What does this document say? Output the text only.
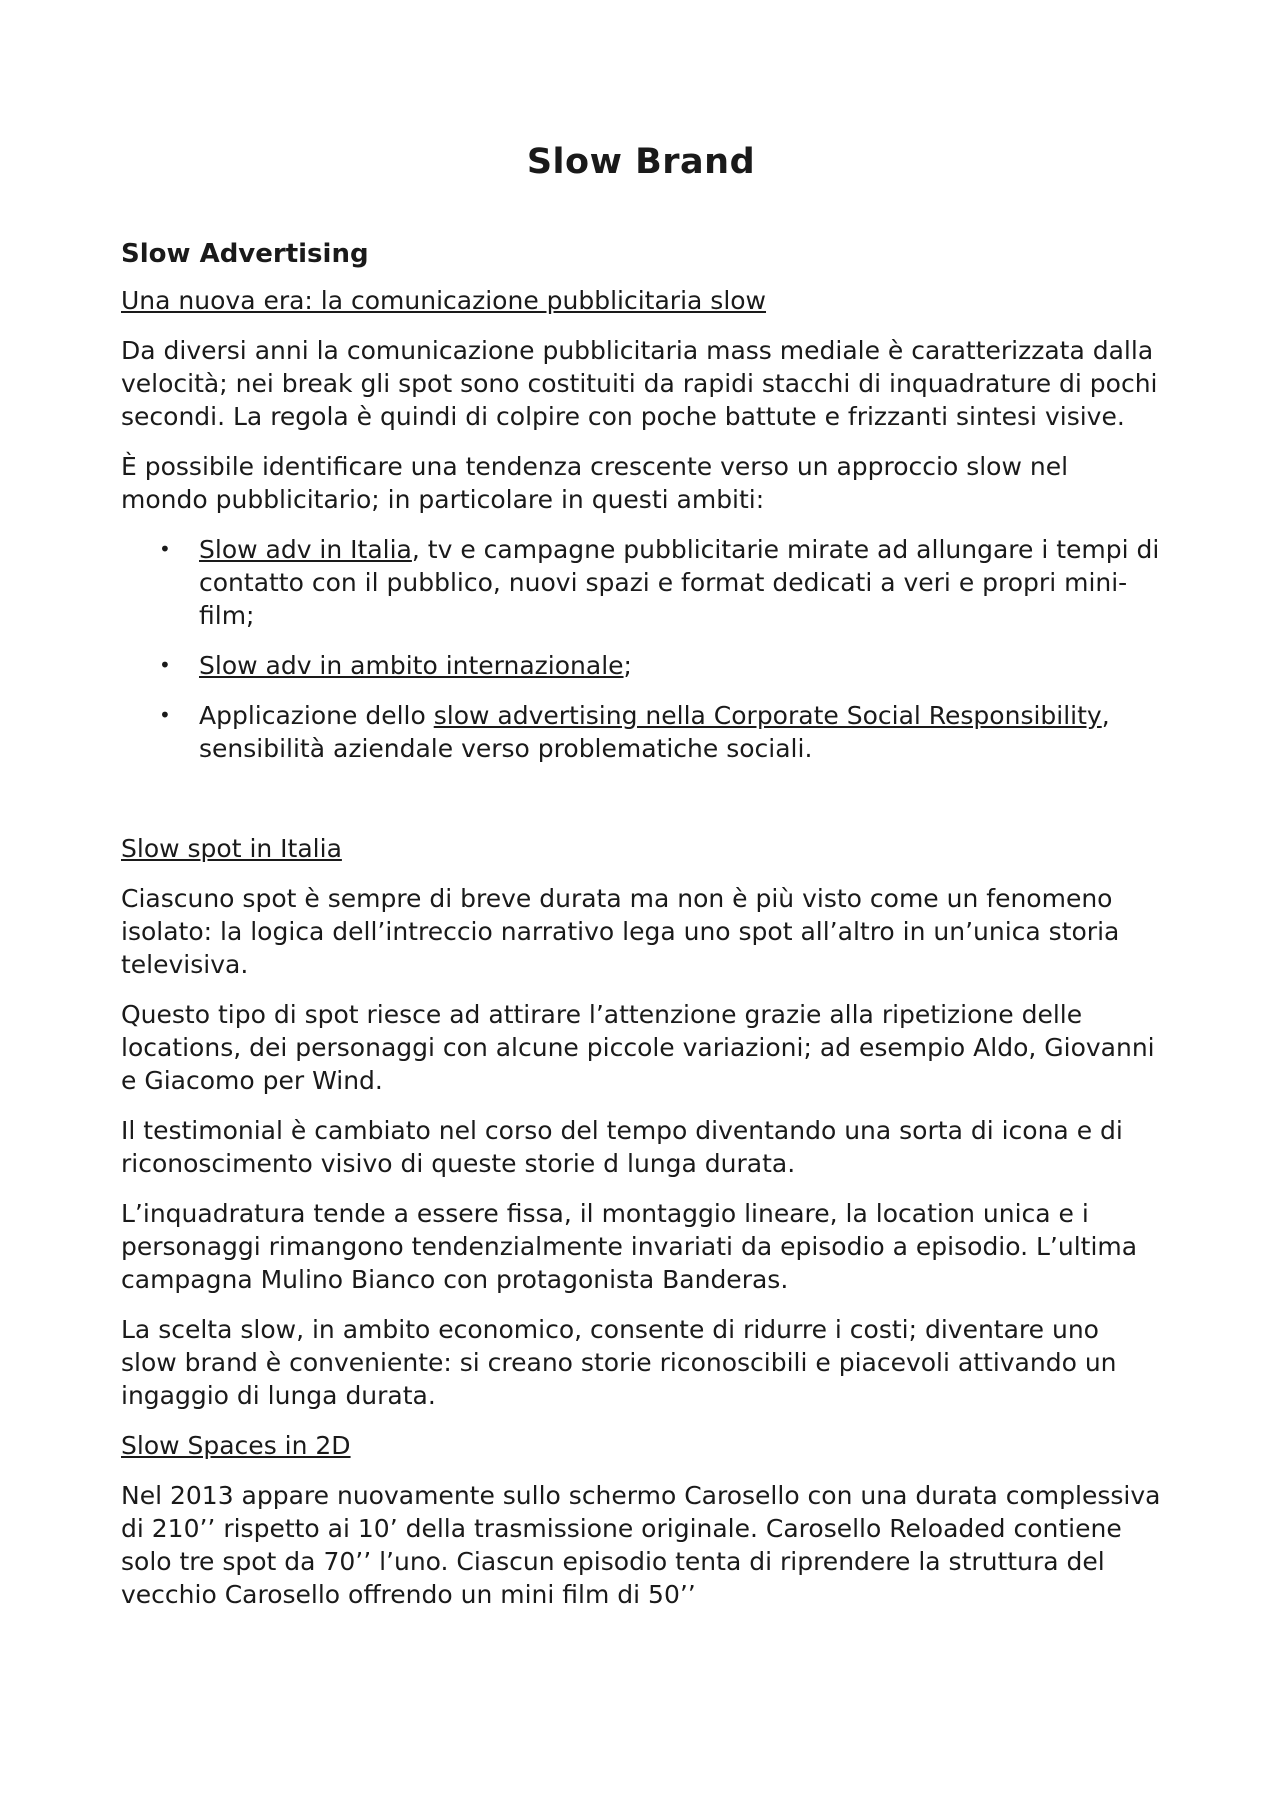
Slow Brand
Slow Advertising
Una nuova era: la comunicazione pubblicitaria slow

Da diversi anni la comunicazione pubblicitaria mass mediale è caratterizzata dalla velocità; nei break gli spot sono costituiti da rapidi stacchi di inquadrature di pochi secondi. La regola è quindi di colpire con poche battute e frizzanti sintesi visive.

È possibile identificare una tendenza crescente verso un approccio slow nel mondo pubblicitario; in particolare in questi ambiti:

• Slow adv in Italia, tv e campagne pubblicitarie mirate ad allungare i tempi di contatto con il pubblico, nuovi spazi e format dedicati a veri e propri mini-film;
• Slow adv in ambito internazionale;
• Applicazione dello slow advertising nella Corporate Social Responsibility, sensibilità aziendale verso problematiche sociali.
Slow spot in Italia

Ciascuno spot è sempre di breve durata ma non è più visto come un fenomeno isolato: la logica dell’intreccio narrativo lega uno spot all’altro in un’unica storia televisiva.

Questo tipo di spot riesce ad attirare l’attenzione grazie alla ripetizione delle locations, dei personaggi con alcune piccole variazioni; ad esempio Aldo, Giovanni e Giacomo per Wind.

Il testimonial è cambiato nel corso del tempo diventando una sorta di icona e di riconoscimento visivo di queste storie d lunga durata.

L’inquadratura tende a essere fissa, il montaggio lineare, la location unica e i personaggi rimangono tendenzialmente invariati da episodio a episodio. L’ultima campagna Mulino Bianco con protagonista Banderas.

La scelta slow, in ambito economico, consente di ridurre i costi; diventare uno slow brand è conveniente: si creano storie riconoscibili e piacevoli attivando un ingaggio di lunga durata.

Slow Spaces in 2D

Nel 2013 appare nuovamente sullo schermo Carosello con una durata complessiva di 210’’ rispetto ai 10’ della trasmissione originale. Carosello Reloaded contiene solo tre spot da 70’’ l’uno. Ciascun episodio tenta di riprendere la struttura del vecchio Carosello offrendo un mini film di 50’’
